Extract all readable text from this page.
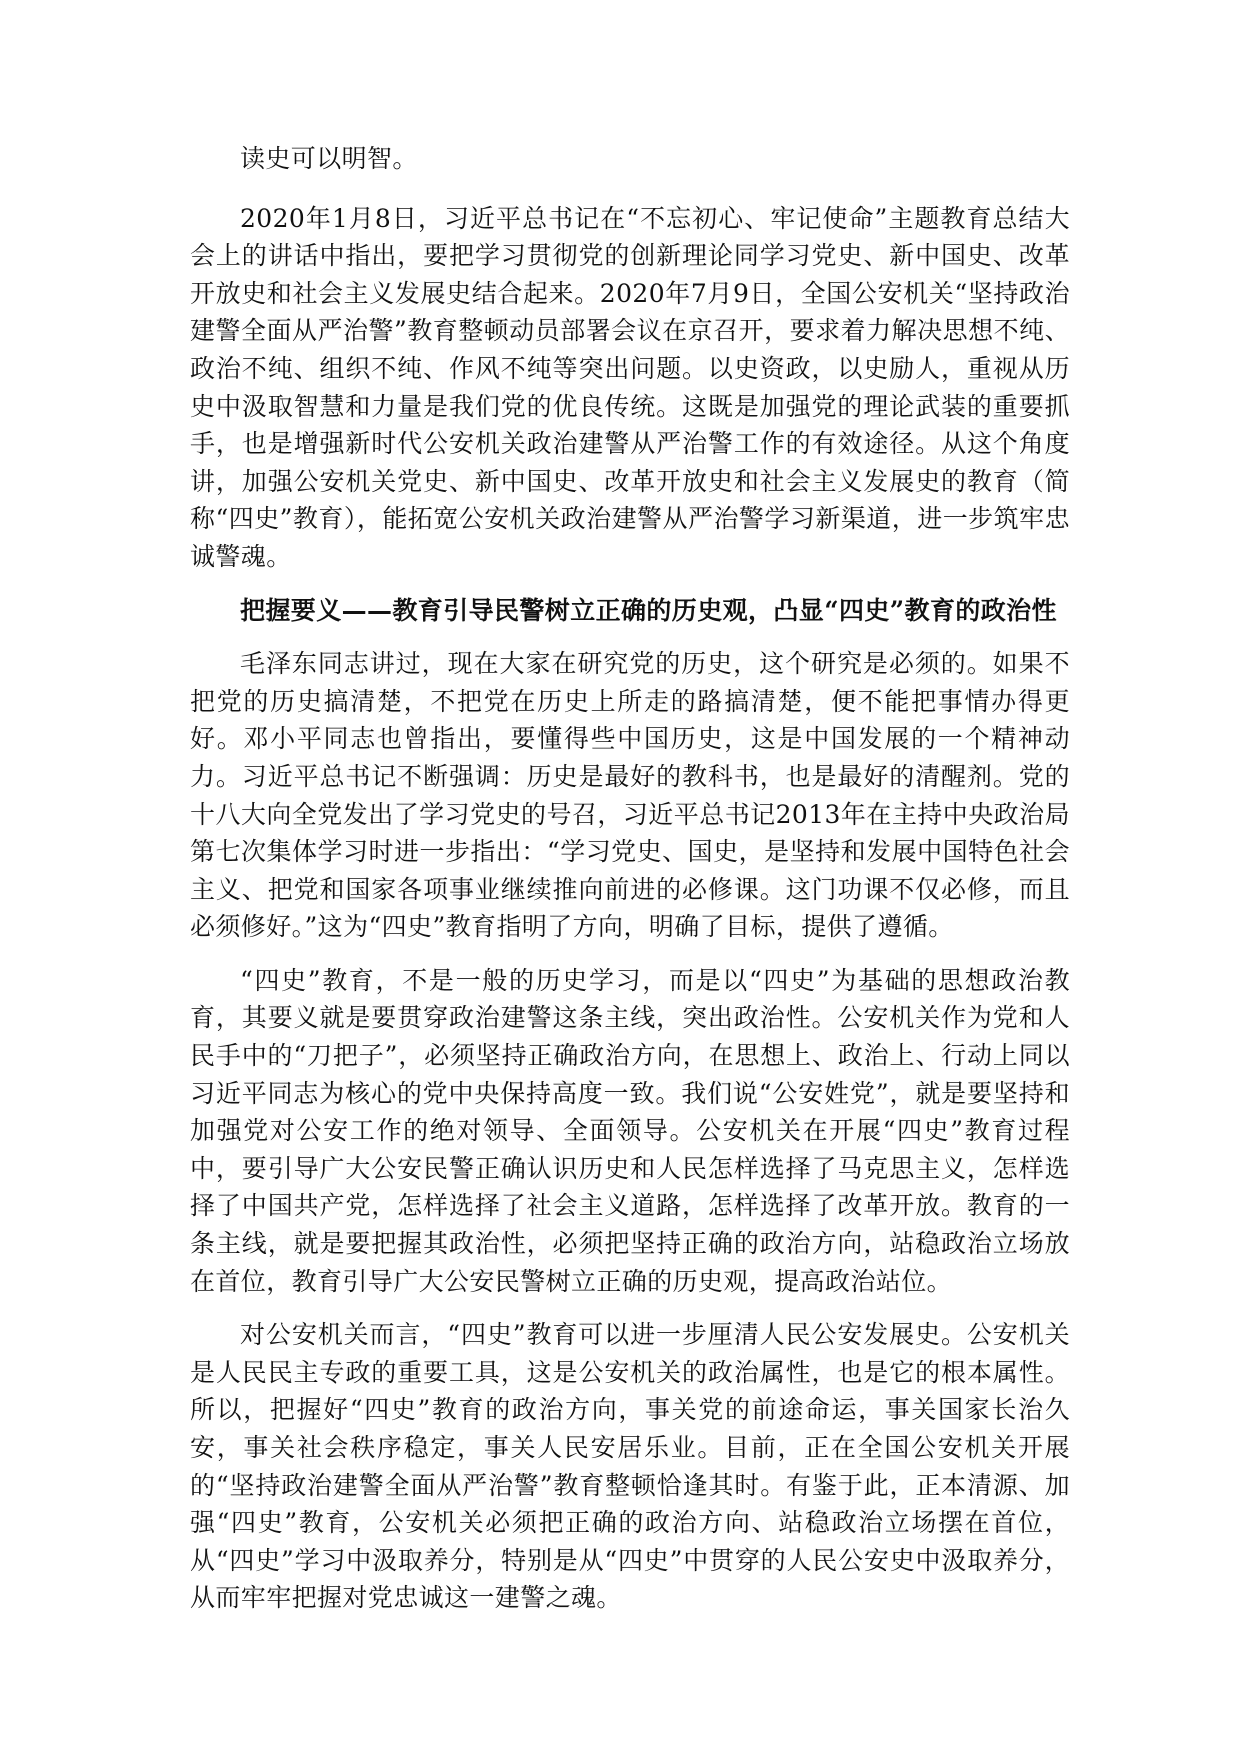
读史可以明智。

2020年1月8日，习近平总书记在“不忘初心、牢记使命”主题教育总结大会上的讲话中指出，要把学习贯彻党的创新理论同学习党史、新中国史、改革开放史和社会主义发展史结合起来。2020年7月9日，全国公安机关“坚持政治建警全面从严治警”教育整顿动员部署会议在京召开，要求着力解决思想不纯、政治不纯、组织不纯、作风不纯等突出问题。以史资政，以史励人，重视从历史中汲取智慧和力量是我们党的优良传统。这既是加强党的理论武装的重要抓手，也是增强新时代公安机关政治建警从严治警工作的有效途径。从这个角度讲，加强公安机关党史、新中国史、改革开放史和社会主义发展史的教育（简称“四史”教育），能拓宽公安机关政治建警从严治警学习新渠道，进一步筑牢忠诚警魂。

把握要义——教育引导民警树立正确的历史观，凸显“四史”教育的政治性

毛泽东同志讲过，现在大家在研究党的历史，这个研究是必须的。如果不把党的历史搞清楚，不把党在历史上所走的路搞清楚，便不能把事情办得更好。邓小平同志也曾指出，要懂得些中国历史，这是中国发展的一个精神动力。习近平总书记不断强调：历史是最好的教科书，也是最好的清醒剂。党的十八大向全党发出了学习党史的号召，习近平总书记2013年在主持中央政治局第七次集体学习时进一步指出：“学习党史、国史，是坚持和发展中国特色社会主义、把党和国家各项事业继续推向前进的必修课。这门功课不仅必修，而且必须修好。”这为“四史”教育指明了方向，明确了目标，提供了遵循。

“四史”教育，不是一般的历史学习，而是以“四史”为基础的思想政治教育，其要义就是要贯穿政治建警这条主线，突出政治性。公安机关作为党和人民手中的“刀把子”，必须坚持正确政治方向，在思想上、政治上、行动上同以习近平同志为核心的党中央保持高度一致。我们说“公安姓党”，就是要坚持和加强党对公安工作的绝对领导、全面领导。公安机关在开展“四史”教育过程中，要引导广大公安民警正确认识历史和人民怎样选择了马克思主义，怎样选择了中国共产党，怎样选择了社会主义道路，怎样选择了改革开放。教育的一条主线，就是要把握其政治性，必须把坚持正确的政治方向，站稳政治立场放在首位，教育引导广大公安民警树立正确的历史观，提高政治站位。

对公安机关而言，“四史”教育可以进一步厘清人民公安发展史。公安机关是人民民主专政的重要工具，这是公安机关的政治属性，也是它的根本属性。所以，把握好“四史”教育的政治方向，事关党的前途命运，事关国家长治久安，事关社会秩序稳定，事关人民安居乐业。目前，正在全国公安机关开展的“坚持政治建警全面从严治警”教育整顿恰逢其时。有鉴于此，正本清源、加强“四史”教育，公安机关必须把正确的政治方向、站稳政治立场摆在首位，从“四史”学习中汲取养分，特别是从“四史”中贯穿的人民公安史中汲取养分，从而牢牢把握对党忠诚这一建警之魂。
